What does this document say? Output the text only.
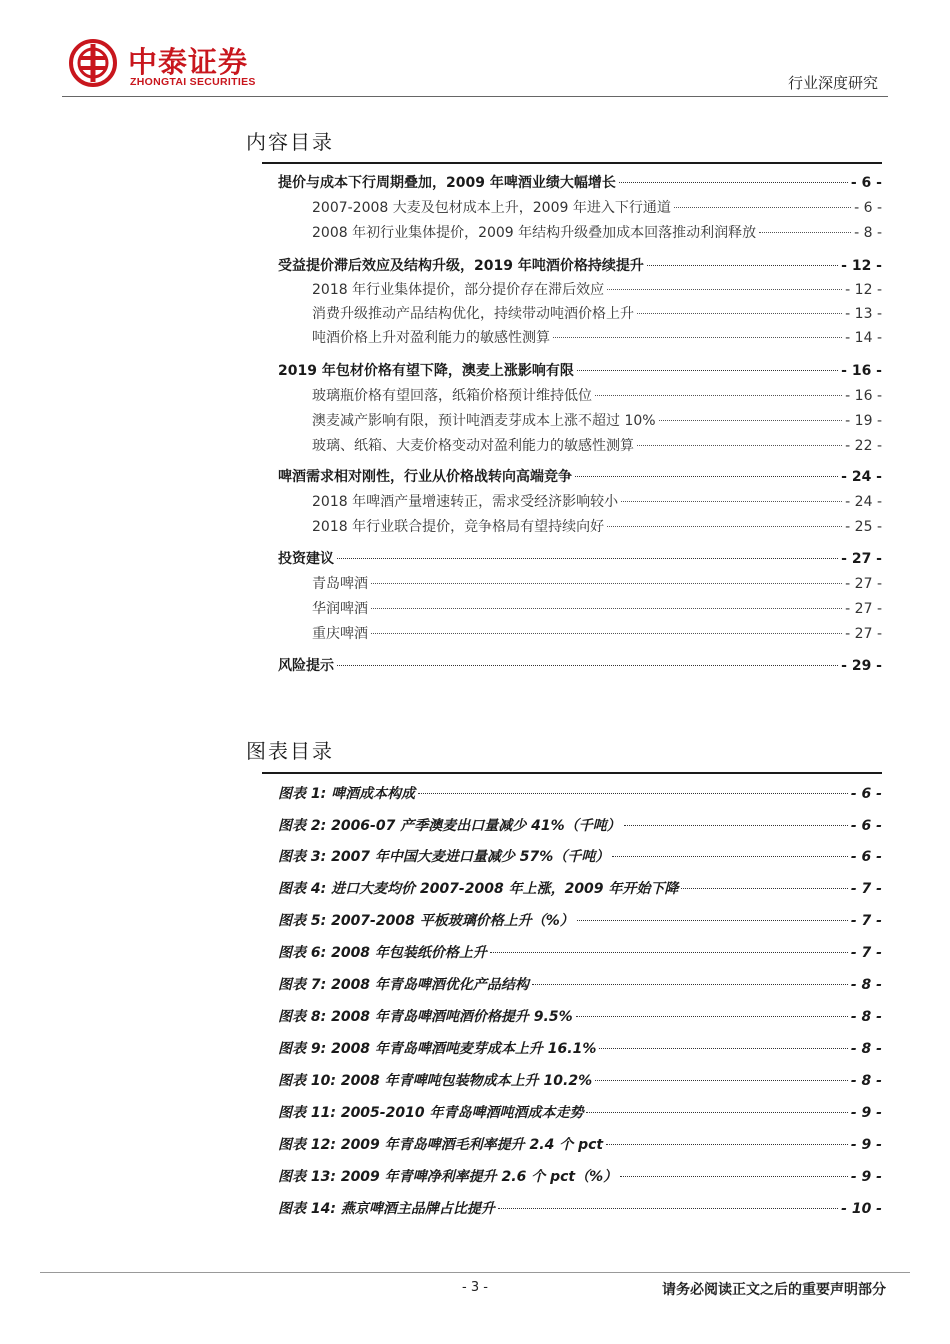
中泰证券
ZHONGTAI SECURITIES	行业深度研究
内容目录
提价与成本下行周期叠加，2009 年啤酒业绩大幅增长	- 6 -
2007-2008 大麦及包材成本上升，2009 年进入下行通道	- 6 -
2008 年初行业集体提价，2009 年结构升级叠加成本回落推动利润释放	- 8 -
受益提价滞后效应及结构升级，2019 年吨酒价格持续提升	- 12 -
2018 年行业集体提价，部分提价存在滞后效应	- 12 -
消费升级推动产品结构优化，持续带动吨酒价格上升	- 13 -
吨酒价格上升对盈利能力的敏感性测算	- 14 -
2019 年包材价格有望下降，澳麦上涨影响有限	- 16 -
玻璃瓶价格有望回落，纸箱价格预计维持低位	- 16 -
澳麦减产影响有限，预计吨酒麦芽成本上涨不超过 10%	- 19 -
玻璃、纸箱、大麦价格变动对盈利能力的敏感性测算	- 22 -
啤酒需求相对刚性，行业从价格战转向高端竞争	- 24 -
2018 年啤酒产量增速转正，需求受经济影响较小	- 24 -
2018 年行业联合提价，竞争格局有望持续向好	- 25 -
投资建议	- 27 -
青岛啤酒	- 27 -
华润啤酒	- 27 -
重庆啤酒	- 27 -
风险提示	- 29 -
图表目录
图表 1: 啤酒成本构成	- 6 -
图表 2: 2006-07 产季澳麦出口量减少 41%（千吨）	- 6 -
图表 3: 2007 年中国大麦进口量减少 57%（千吨）	- 6 -
图表 4: 进口大麦均价 2007-2008 年上涨，2009 年开始下降	- 7 -
图表 5: 2007-2008 平板玻璃价格上升（%）	- 7 -
图表 6: 2008 年包装纸价格上升	- 7 -
图表 7: 2008 年青岛啤酒优化产品结构	- 8 -
图表 8: 2008 年青岛啤酒吨酒价格提升 9.5%	- 8 -
图表 9: 2008 年青岛啤酒吨麦芽成本上升 16.1%	- 8 -
图表 10: 2008 年青啤吨包装物成本上升 10.2%	- 8 -
图表 11: 2005-2010 年青岛啤酒吨酒成本走势	- 9 -
图表 12: 2009 年青岛啤酒毛利率提升 2.4 个 pct	- 9 -
图表 13: 2009 年青啤净利率提升 2.6 个 pct（%）	- 9 -
图表 14: 燕京啤酒主品牌占比提升	- 10 -
- 3 -	请务必阅读正文之后的重要声明部分
